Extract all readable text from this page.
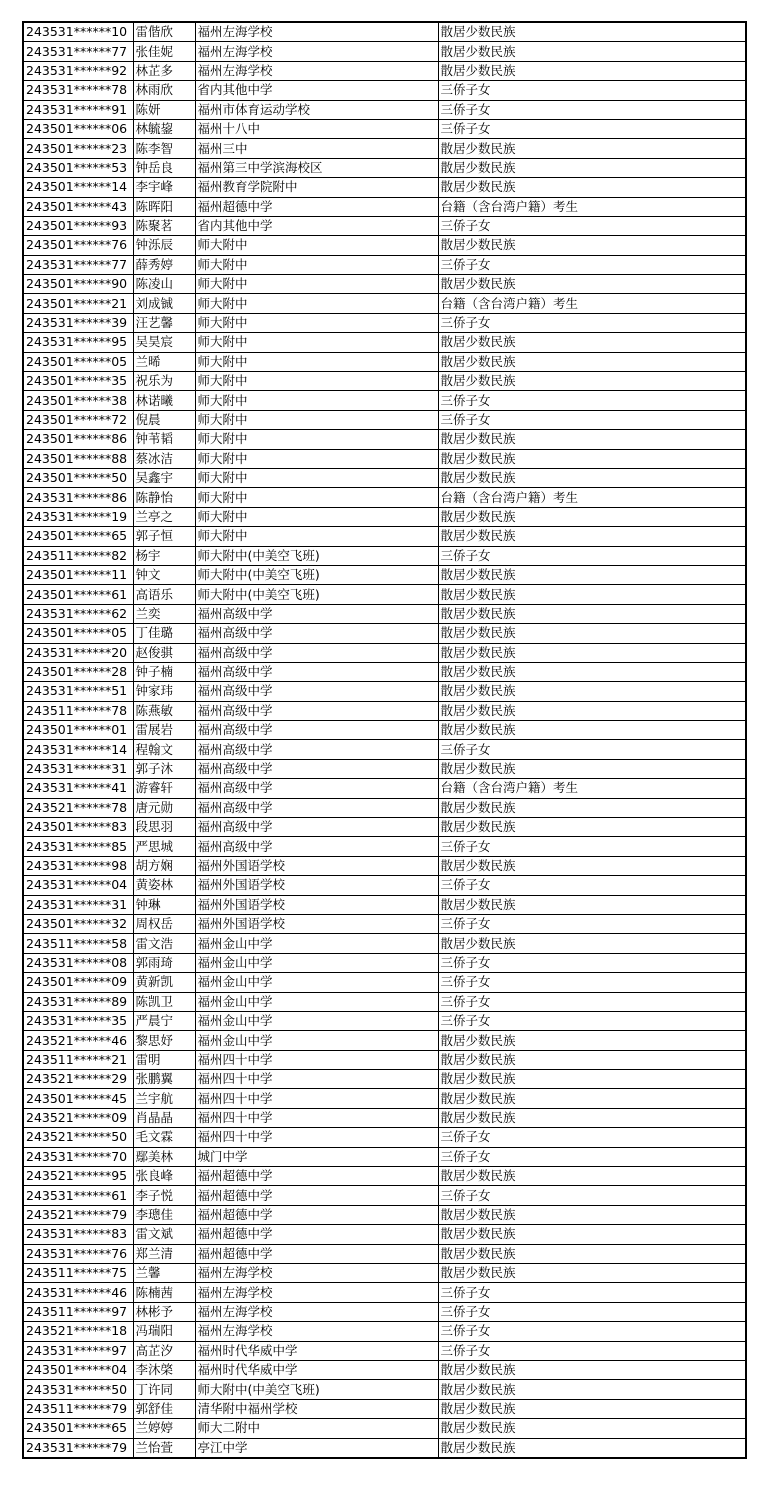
243531******10	雷偕欣	福州左海学校	散居少数民族
243531******77	张佳妮	福州左海学校	散居少数民族
243531******92	林芷多	福州左海学校	散居少数民族
243531******78	林雨欣	省内其他中学	三侨子女
243531******91	陈妍	福州市体育运动学校	三侨子女
243501******06	林毓鋆	福州十八中	三侨子女
243501******23	陈李智	福州三中	散居少数民族
243501******53	钟岳良	福州第三中学滨海校区	散居少数民族
243501******14	李宇峰	福州教育学院附中	散居少数民族
243501******43	陈晖阳	福州超德中学	台籍（含台湾户籍）考生
243501******93	陈聚茗	省内其他中学	三侨子女
243501******76	钟泺辰	师大附中	散居少数民族
243531******77	薛秀婷	师大附中	三侨子女
243501******90	陈凌山	师大附中	散居少数民族
243501******21	刘成铖	师大附中	台籍（含台湾户籍）考生
243531******39	汪艺馨	师大附中	三侨子女
243531******95	吴昊宸	师大附中	散居少数民族
243501******05	兰晞	师大附中	散居少数民族
243501******35	祝乐为	师大附中	散居少数民族
243501******38	林诺曦	师大附中	三侨子女
243501******72	倪晨	师大附中	三侨子女
243501******86	钟苇韬	师大附中	散居少数民族
243501******88	蔡冰洁	师大附中	散居少数民族
243501******50	吴鑫宇	师大附中	散居少数民族
243531******86	陈静怡	师大附中	台籍（含台湾户籍）考生
243531******19	兰亭之	师大附中	散居少数民族
243501******65	郭子恒	师大附中	散居少数民族
243511******82	杨宇	师大附中(中美空飞班)	三侨子女
243501******11	钟文	师大附中(中美空飞班)	散居少数民族
243501******61	高语乐	师大附中(中美空飞班)	散居少数民族
243531******62	兰奕	福州高级中学	散居少数民族
243501******05	丁佳璐	福州高级中学	散居少数民族
243531******20	赵俊骐	福州高级中学	散居少数民族
243501******28	钟子楠	福州高级中学	散居少数民族
243531******51	钟家玮	福州高级中学	散居少数民族
243511******78	陈燕敏	福州高级中学	散居少数民族
243501******01	雷展岩	福州高级中学	散居少数民族
243531******14	程翰文	福州高级中学	三侨子女
243531******31	郭子沐	福州高级中学	散居少数民族
243531******41	游睿轩	福州高级中学	台籍（含台湾户籍）考生
243521******78	唐元勋	福州高级中学	散居少数民族
243501******83	段思羽	福州高级中学	散居少数民族
243531******85	严思城	福州高级中学	三侨子女
243531******98	胡方娴	福州外国语学校	散居少数民族
243531******04	黄姿林	福州外国语学校	三侨子女
243531******31	钟琳	福州外国语学校	散居少数民族
243501******32	周权岳	福州外国语学校	三侨子女
243511******58	雷文浩	福州金山中学	散居少数民族
243531******08	郭雨琦	福州金山中学	三侨子女
243501******09	黄新凯	福州金山中学	三侨子女
243531******89	陈凯卫	福州金山中学	三侨子女
243531******35	严晨宁	福州金山中学	三侨子女
243521******46	黎思妤	福州金山中学	散居少数民族
243511******21	雷明	福州四十中学	散居少数民族
243521******29	张鹏翼	福州四十中学	散居少数民族
243501******45	兰宇航	福州四十中学	散居少数民族
243521******09	肖晶晶	福州四十中学	散居少数民族
243521******50	毛文霖	福州四十中学	三侨子女
243531******70	鄢美林	城门中学	三侨子女
243521******95	张良峰	福州超德中学	散居少数民族
243531******61	李子悦	福州超德中学	三侨子女
243521******79	李璁佳	福州超德中学	散居少数民族
243531******83	雷文斌	福州超德中学	散居少数民族
243531******76	郑兰清	福州超德中学	散居少数民族
243511******75	兰馨	福州左海学校	散居少数民族
243531******46	陈楠茜	福州左海学校	三侨子女
243511******97	林彬予	福州左海学校	三侨子女
243521******18	冯瑞阳	福州左海学校	三侨子女
243531******97	高芷汐	福州时代华威中学	三侨子女
243501******04	李沐棨	福州时代华威中学	散居少数民族
243531******50	丁许同	师大附中(中美空飞班)	散居少数民族
243511******79	郭舒佳	清华附中福州学校	散居少数民族
243501******65	兰婷婷	师大二附中	散居少数民族
243531******79	兰怡萱	亭江中学	散居少数民族
